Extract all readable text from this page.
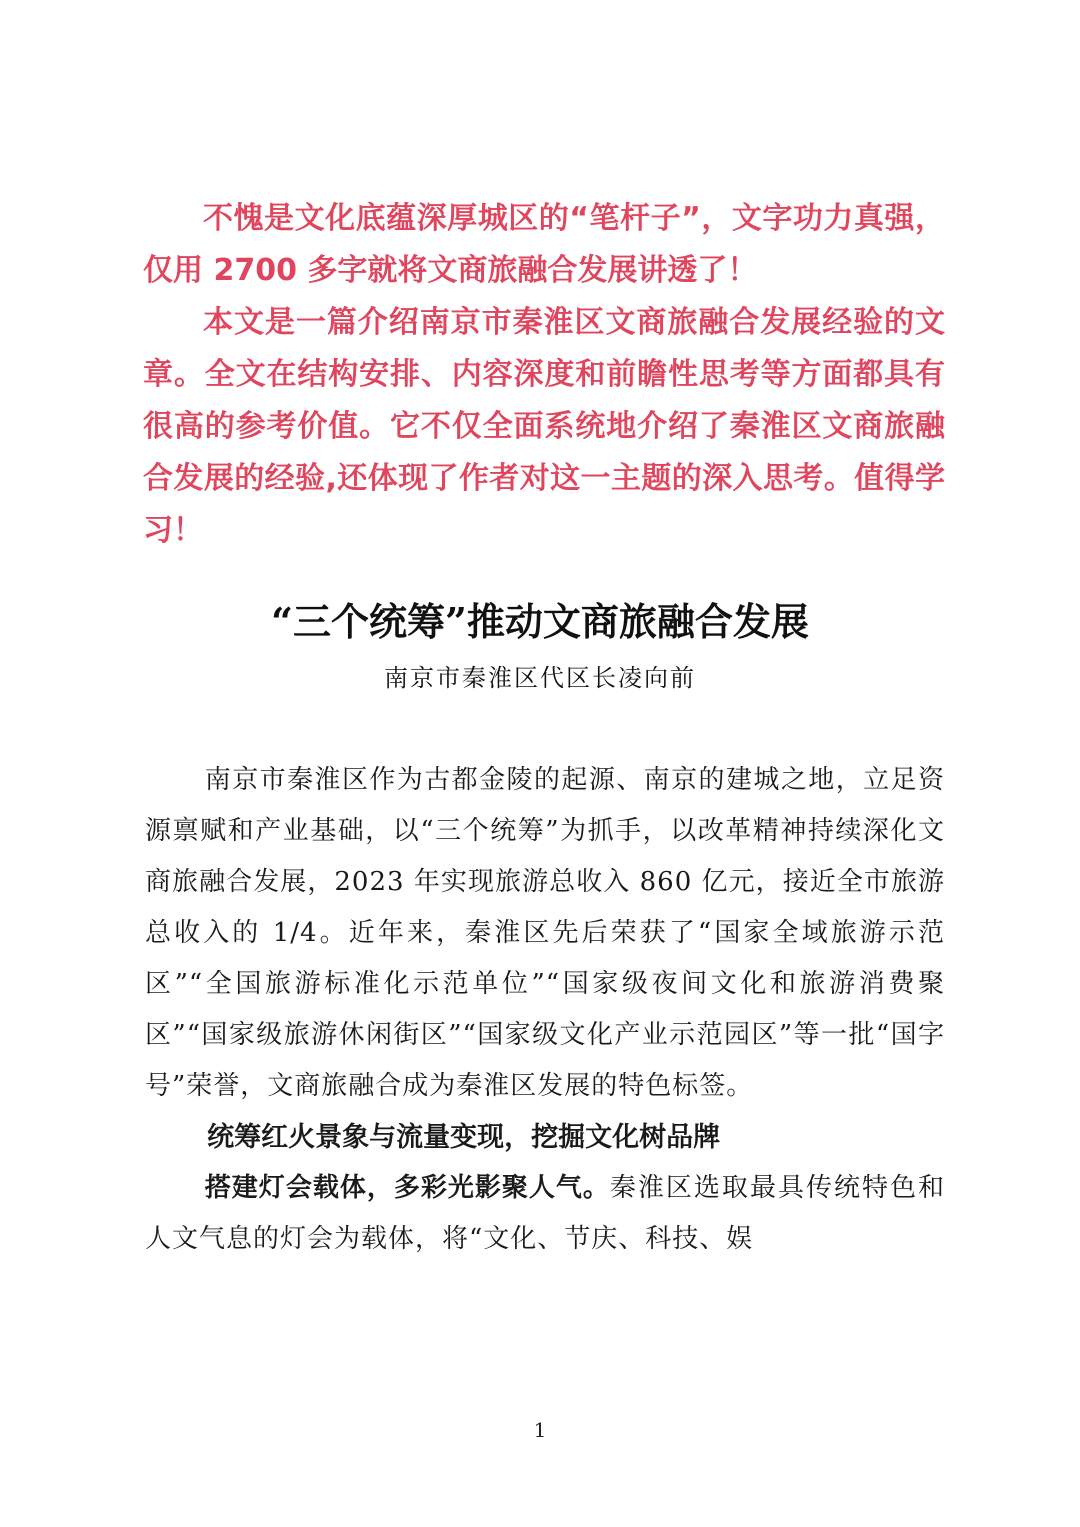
不愧是文化底蕴深厚城区的“笔杆子”，文字功力真强，仅用 2700 多字就将文商旅融合发展讲透了！

本文是一篇介绍南京市秦淮区文商旅融合发展经验的文章。全文在结构安排、内容深度和前瞻性思考等方面都具有很高的参考价值。它不仅全面系统地介绍了秦淮区文商旅融合发展的经验,还体现了作者对这一主题的深入思考。值得学习！

“三个统筹”推动文商旅融合发展
南京市秦淮区代区长凌向前

南京市秦淮区作为古都金陵的起源、南京的建城之地，立足资源禀赋和产业基础，以“三个统筹”为抓手，以改革精神持续深化文商旅融合发展，2023 年实现旅游总收入 860 亿元，接近全市旅游总收入的 1/4。近年来，秦淮区先后荣获了“国家全域旅游示范区”“全国旅游标准化示范单位”“国家级夜间文化和旅游消费聚区”“国家级旅游休闲街区”“国家级文化产业示范园区”等一批“国字号”荣誉，文商旅融合成为秦淮区发展的特色标签。

统筹红火景象与流量变现，挖掘文化树品牌

搭建灯会载体，多彩光影聚人气。秦淮区选取最具传统特色和人文气息的灯会为载体，将“文化、节庆、科技、娱

1
